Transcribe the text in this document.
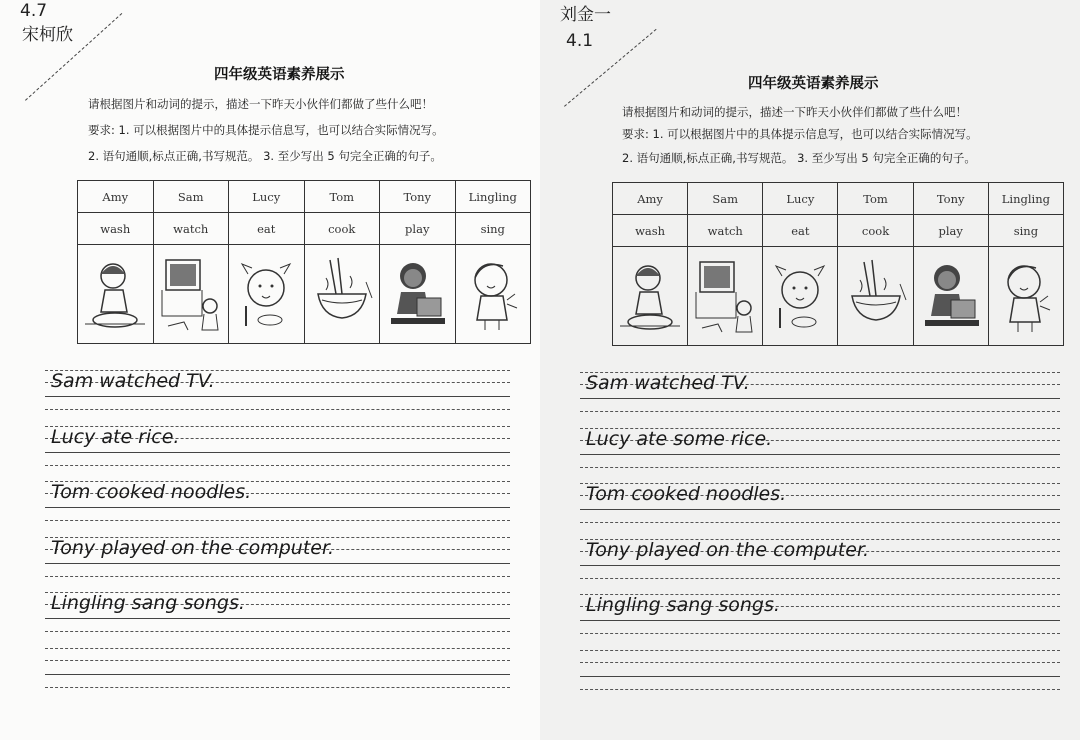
4.7
宋柯欣
四年级英语素养展示
请根据图片和动词的提示，描述一下昨天小伙伴们都做了些什么吧！
要求: 1. 可以根据图片中的具体提示信息写，也可以结合实际情况写。
2. 语句通顺,标点正确,书写规范。 3. 至少写出 5 句完全正确的句子。
Amy	Sam	Lucy	Tom	Tony	Lingling
wash	watch	eat	cook	play	sing

Sam watched TV.
Lucy ate rice.
Tom cooked noodles.
Tony played on the computer.
Lingling sang songs.
刘金一
4.1
四年级英语素养展示
请根据图片和动词的提示，描述一下昨天小伙伴们都做了些什么吧！
要求: 1. 可以根据图片中的具体提示信息写，也可以结合实际情况写。
2. 语句通顺,标点正确,书写规范。 3. 至少写出 5 句完全正确的句子。
Amy	Sam	Lucy	Tom	Tony	Lingling
wash	watch	eat	cook	play	sing

Sam watched TV.
Lucy ate some rice.
Tom cooked noodles.
Tony played on the computer.
Lingling sang songs.
